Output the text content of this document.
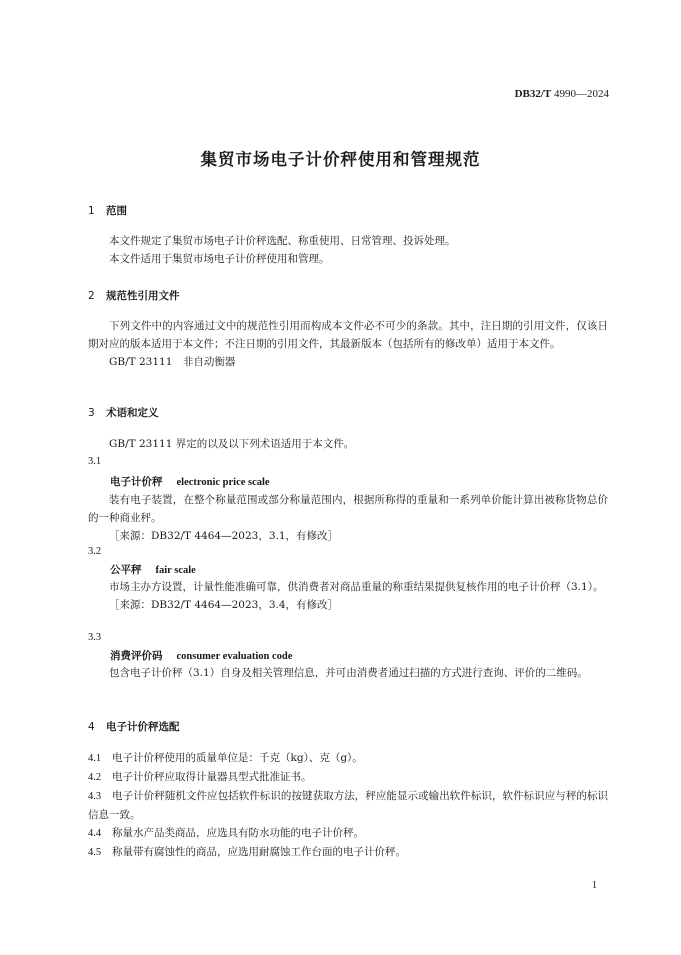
DB32/T 4990—2024
集贸市场电子计价秤使用和管理规范
1 范围

本文件规定了集贸市场电子计价秤选配、称重使用、日常管理、投诉处理。

本文件适用于集贸市场电子计价秤使用和管理。

2 规范性引用文件

下列文件中的内容通过文中的规范性引用而构成本文件必不可少的条款。其中，注日期的引用文件，仅该日期对应的版本适用于本文件；不注日期的引用文件，其最新版本（包括所有的修改单）适用于本文件。

GB/T 23111　非自动衡器

3 术语和定义

GB/T 23111 界定的以及以下列术语适用于本文件。

3.1
电子计价秤 electronic price scale

装有电子装置，在整个称量范围或部分称量范围内，根据所称得的重量和一系列单价能计算出被称货物总价的一种商业秤。

［来源：DB32/T 4464—2023，3.1，有修改］

3.2
公平秤 fair scale

市场主办方设置，计量性能准确可靠，供消费者对商品重量的称重结果提供复核作用的电子计价秤（3.1）。

［来源：DB32/T 4464—2023，3.4，有修改］

3.3
消费评价码 consumer evaluation code

包含电子计价秤（3.1）自身及相关管理信息，并可由消费者通过扫描的方式进行查询、评价的二维码。

4 电子计价秤选配

4.1 电子计价秤使用的质量单位是：千克（kg）、克（g）。

4.2 电子计价秤应取得计量器具型式批准证书。

4.3 电子计价秤随机文件应包括软件标识的按键获取方法，秤应能显示或输出软件标识，软件标识应与秤的标识信息一致。

4.4 称量水产品类商品，应选具有防水功能的电子计价秤。

4.5 称量带有腐蚀性的商品，应选用耐腐蚀工作台面的电子计价秤。

1
